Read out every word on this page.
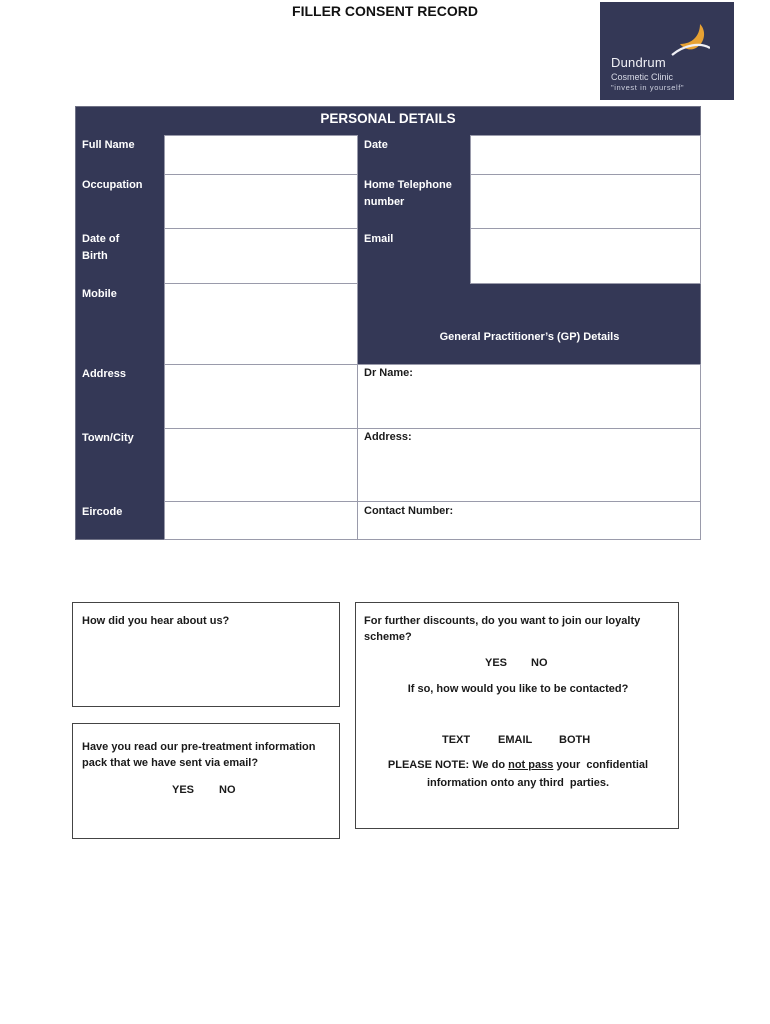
FILLER CONSENT RECORD
Dundrum
Cosmetic Clinic
"invest in yourself"
PERSONAL DETAILS
Full Name
Occupation
Date of
Birth
Mobile
Address
Town/City
Eircode
Date
Home Telephone
number
Email
General Practitioner’s (GP) Details
Dr Name:
Address:
Contact Number:
How did you hear about us?
Have you read our pre-treatment information
pack that we have sent via email?
YES NO
For further discounts, do you want to join our loyalty
scheme?
YES NO
If so, how would you like to be contacted?
TEXT	EMAIL BOTH
PLEASE NOTE: We do not pass your  confidential
information onto any third  parties.
